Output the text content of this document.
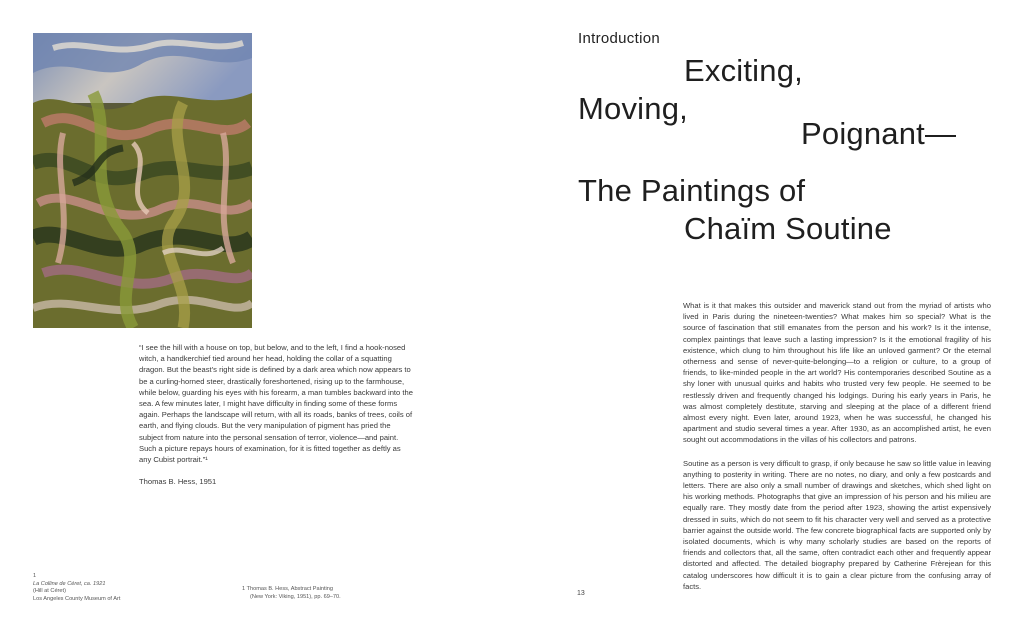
“I see the hill with a house on top, but below, and to the left, I find a hook-nosed witch, a handkerchief tied around her head, holding the collar of a squatting dragon. But the beast’s right side is defined by a dark area which now appears to be a curling-horned steer, drastically foreshortened, rising up to the farmhouse, while below, guarding his eyes with his forearm, a man tumbles backward into the sea. A few minutes later, I might have difficulty in finding some of these forms again. Perhaps the landscape will return, with all its roads, banks of trees, coils of earth, and flying clouds. But the very manipulation of pigment has pried the subject from nature into the personal sensation of terror, violence—and paint. Such a picture repays hours of examination, for it is fitted together as deftly as any Cubist portrait.”¹

Thomas B. Hess, 1951

1
La Colline de Céret, ca. 1921
(Hill at Céret)
Los Angeles County Museum of Art
1 Thomas B. Hess, Abstract Painting
(New York: Viking, 1951), pp. 69–70.	13
Introduction
Exciting,
Moving,
Poignant—
The Paintings of
Chaïm Soutine

What is it that makes this outsider and maverick stand out from the myriad of artists who lived in Paris during the nineteen-twenties? What makes him so special? What is the source of fascination that still emanates from the person and his work? Is it the intense, complex paintings that leave such a lasting impression? Is it the emotional fragility of his existence, which clung to him throughout his life like an unloved garment? Or the eternal otherness and sense of never-quite-belonging—to a religion or culture, to a group of friends, to like-minded people in the art world? His contemporaries described Soutine as a shy loner with unusual quirks and habits who trusted very few people. He seemed to be restlessly driven and frequently changed his lodgings. During his early years in Paris, he was almost completely destitute, starving and sleeping at the place of a different friend almost every night. Even later, around 1923, when he was successful, he changed his apartment and studio several times a year. After 1930, as an accomplished artist, he even sought out accommodations in the villas of his collectors and patrons.

Soutine as a person is very difficult to grasp, if only because he saw so little value in leaving anything to posterity in writing. There are no notes, no diary, and only a few postcards and letters. There are also only a small number of drawings and sketches, which shed light on his working methods. Photographs that give an impression of his person and his milieu are equally rare. They mostly date from the period after 1923, showing the artist expensively dressed in suits, which do not seem to fit his character very well and served as a protective barrier against the outside world. The few concrete biographical facts are supported only by isolated documents, which is why many scholarly studies are based on the reports of friends and collectors that, all the same, often contradict each other and frequently appear distorted and affected. The detailed biography prepared by Catherine Frèrejean for this catalog underscores how difficult it is to gain a clear picture from the confusing array of facts.
